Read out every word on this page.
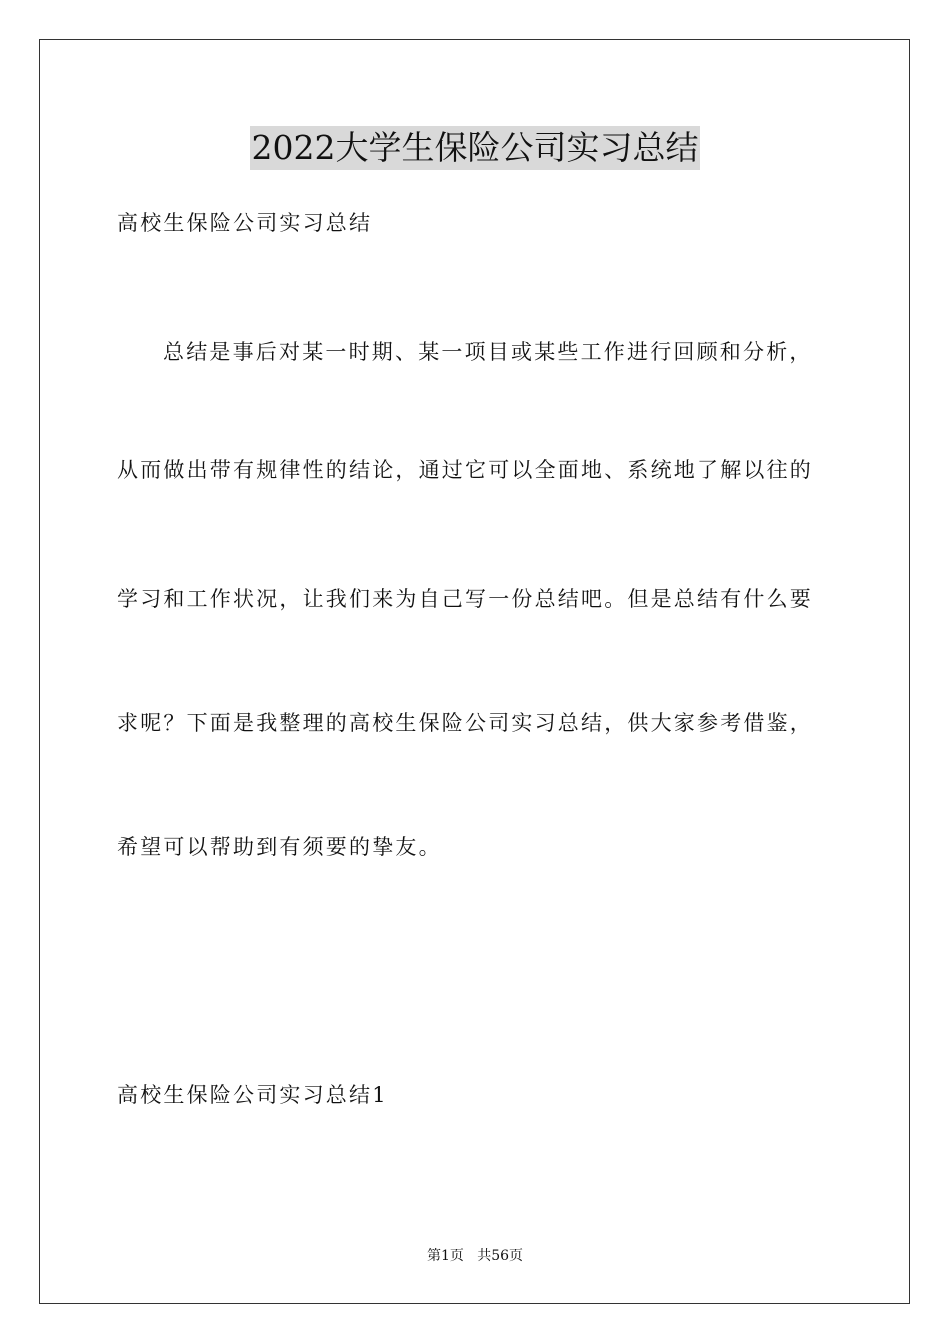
2022大学生保险公司实习总结
高校生保险公司实习总结
总结是事后对某一时期、某一项目或某些工作进行回顾和分析，
从而做出带有规律性的结论，通过它可以全面地、系统地了解以往的
学习和工作状况，让我们来为自己写一份总结吧。但是总结有什么要
求呢？下面是我整理的高校生保险公司实习总结，供大家参考借鉴，
希望可以帮助到有须要的挚友。
高校生保险公司实习总结1
第1页   共56页
